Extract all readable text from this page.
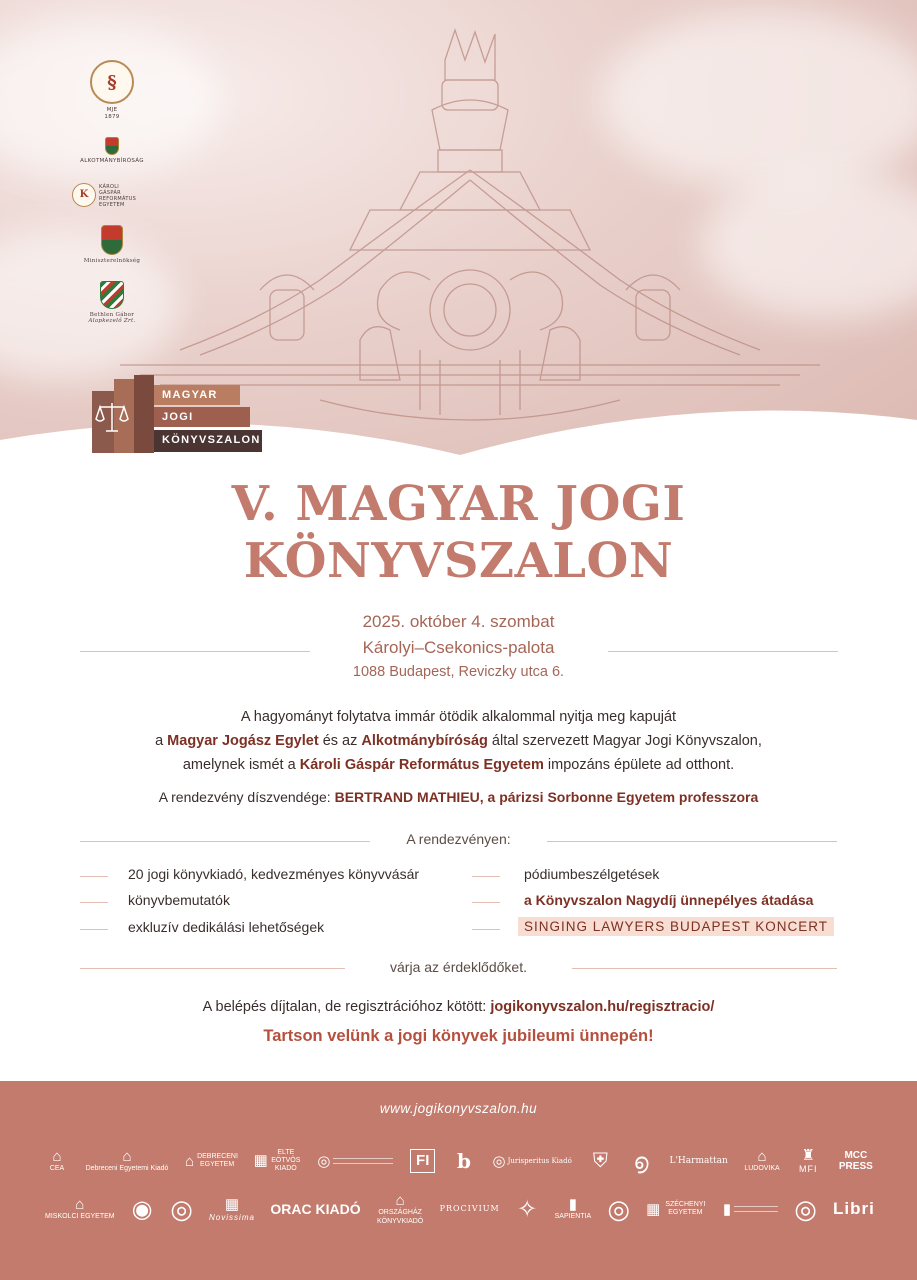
§
MJE
1879
ALKOTMÁNYBÍRÓSÁG
K
KÁROLI GÁSPÁR REFORMÁTUS EGYETEM
Miniszterelnökség
Bethlen Gábor
Alapkezelő Zrt.
MAGYAR
JOGI
KÖNYVSZALON
V. MAGYAR JOGI
KÖNYVSZALON
2025. október 4. szombat
Károlyi–Csekonics-palota
1088 Budapest, Reviczky utca 6.
A hagyományt folytatva immár ötödik alkalommal nyitja meg kapuját
a Magyar Jogász Egylet és az Alkotmánybíróság által szervezett Magyar Jogi Könyvszalon,
amelynek ismét a Károli Gáspár Református Egyetem impozáns épülete ad otthont.
A rendezvény díszvendége: BERTRAND MATHIEU, a párizsi Sorbonne Egyetem professzora
A rendezvényen:
20 jogi könyvkiadó, kedvezményes könyvvásár
könyvbemutatók
exkluzív dedikálási lehetőségek
pódiumbeszélgetések
a Könyvszalon Nagydíj ünnepélyes átadása
SINGING LAWYERS BUDAPEST KONCERT
várja az érdeklődőket.
A belépés díjtalan, de regisztrációhoz kötött: jogikonyvszalon.hu/regisztracio/
Tartson velünk a jogi könyvek jubileumi ünnepén!
www.jogikonyvszalon.hu
⌂
CEA
⌂
Debreceni Egyetemi Kiadó ⌂ DEBRECENI EGYETEM ▦
ELTE EÖTVÖS KIADÓ ◎	FI b ◎ Jurisperitus Kiadó ⛨ ൭ L'Harmattan ⌂
LUDOVIKA
♜
MFI
MCC PRESS
⌂
MISKOLCI EGYETEM ◉ ◎ ▦
Novissima
ORAC KIADÓ ⌂
ORSZÁGHÁZ KÖNYVKIADÓ
PROCIVIUM ✧ ▮
SAPIENTIA ◎ ▦ SZÉCHENYI EGYETEM	▮ ◎ Libri
